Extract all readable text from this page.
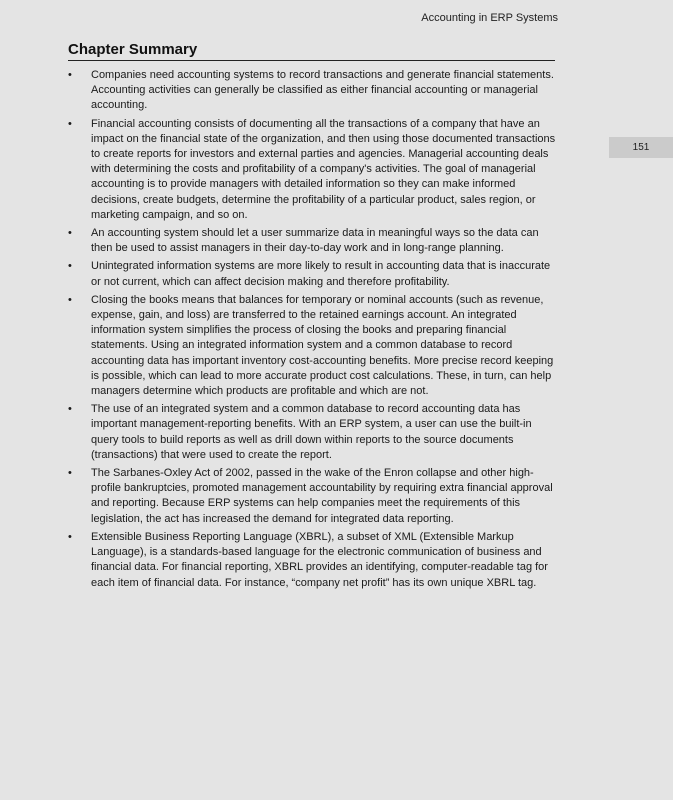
Accounting in ERP Systems
151
Chapter Summary
• Companies need accounting systems to record transactions and generate financial statements. Accounting activities can generally be classified as either financial accounting or managerial accounting.
• Financial accounting consists of documenting all the transactions of a company that have an impact on the financial state of the organization, and then using those documented transactions to create reports for investors and external parties and agencies. Managerial accounting deals with determining the costs and profitability of a company's activities. The goal of managerial accounting is to provide managers with detailed information so they can make informed decisions, create budgets, determine the profitability of a particular product, sales region, or marketing campaign, and so on.
• An accounting system should let a user summarize data in meaningful ways so the data can then be used to assist managers in their day-to-day work and in long-range planning.
• Unintegrated information systems are more likely to result in accounting data that is inaccurate or not current, which can affect decision making and therefore profitability.
• Closing the books means that balances for temporary or nominal accounts (such as revenue, expense, gain, and loss) are transferred to the retained earnings account. An integrated information system simplifies the process of closing the books and preparing financial statements. Using an integrated information system and a common database to record accounting data has important inventory cost-accounting benefits. More precise record keeping is possible, which can lead to more accurate product cost calculations. These, in turn, can help managers determine which products are profitable and which are not.
• The use of an integrated system and a common database to record accounting data has important management-reporting benefits. With an ERP system, a user can use the built-in query tools to build reports as well as drill down within reports to the source documents (transactions) that were used to create the report.
• The Sarbanes-Oxley Act of 2002, passed in the wake of the Enron collapse and other high-profile bankruptcies, promoted management accountability by requiring extra financial approval and reporting. Because ERP systems can help companies meet the requirements of this legislation, the act has increased the demand for integrated data reporting.
• Extensible Business Reporting Language (XBRL), a subset of XML (Extensible Markup Language), is a standards-based language for the electronic communication of business and financial data. For financial reporting, XBRL provides an identifying, computer-readable tag for each item of financial data. For instance, “company net profit” has its own unique XBRL tag.
